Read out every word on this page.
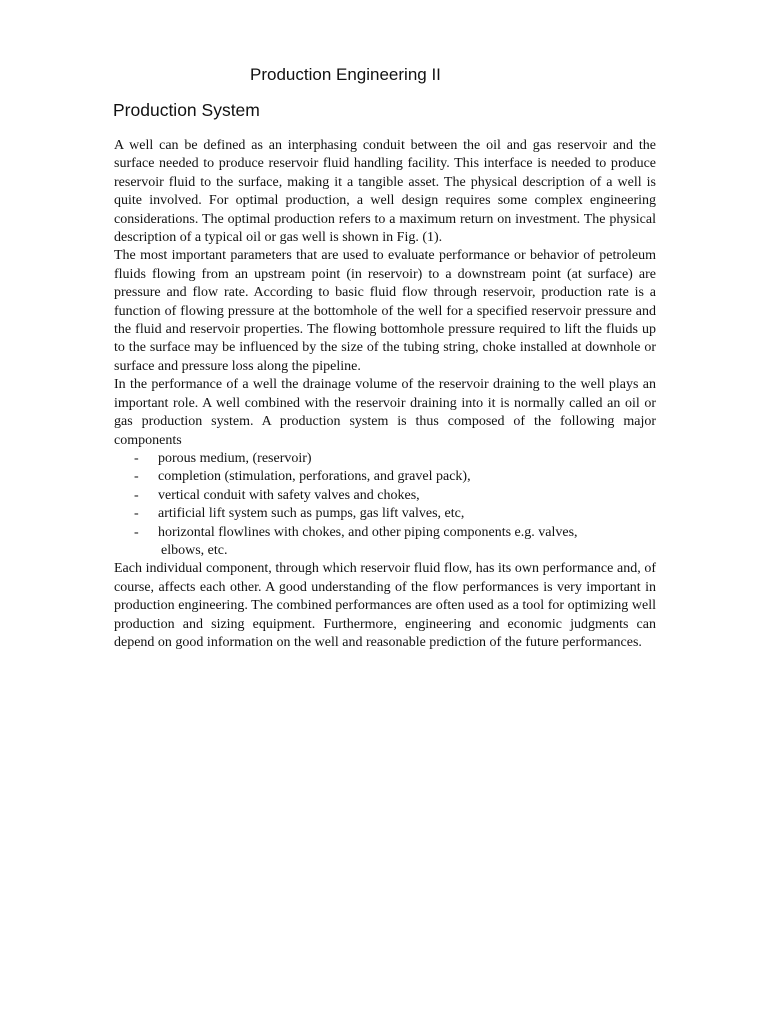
Production Engineering II
Production System

A well can be defined as an interphasing conduit between the oil and gas reservoir and the surface needed to produce reservoir fluid handling facility. This interface is needed to produce reservoir fluid to the surface, making it a tangible asset. The physical description of a well is quite involved. For optimal production, a well design requires some complex engineering considerations. The optimal production refers to a maximum return on investment. The physical description of a typical oil or gas well is shown in Fig. (1).

The most important parameters that are used to evaluate performance or behavior of petroleum fluids flowing from an upstream point (in reservoir) to a downstream point (at surface) are pressure and flow rate. According to basic fluid flow through reservoir, production rate is a function of flowing pressure at the bottomhole of the well for a specified reservoir pressure and the fluid and reservoir properties. The flowing bottomhole pressure required to lift the fluids up to the surface may be influenced by the size of the tubing string, choke installed at downhole or surface and pressure loss along the pipeline.

In the performance of a well the drainage volume of the reservoir draining to the well plays an important role. A well combined with the reservoir draining into it is normally called an oil or gas production system. A production system is thus composed of the following major components

- porous medium, (reservoir)
- completion (stimulation, perforations, and gravel pack),
- vertical conduit with safety valves and chokes,
- artificial lift system such as pumps, gas lift valves, etc,
- horizontal flowlines with chokes, and other piping components e.g. valves,
elbows, etc.

Each individual component, through which reservoir fluid flow, has its own performance and, of course, affects each other. A good understanding of the flow performances is very important in production engineering. The combined performances are often used as a tool for optimizing well production and sizing equipment. Furthermore, engineering and economic judgments can depend on good information on the well and reasonable prediction of the future performances.
